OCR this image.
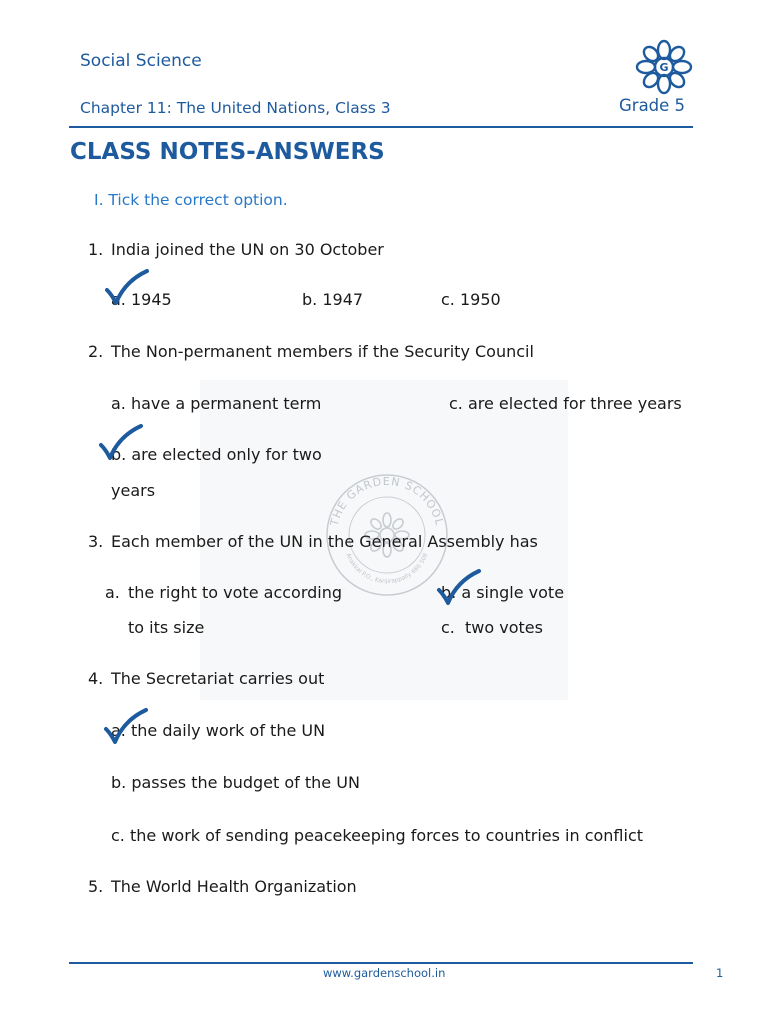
Social Science
Chapter 11: The United Nations, Class 3	Grade 5
G
CLASS NOTES-ANSWERS
I. Tick the correct option.
THE GARDEN SCHOOL
Anakkal P.O., Kanjirappally 686 508
1. India joined the UN on 30 October
a. 1945	b. 1947	c. 1950
2. The Non-permanent members if the Security Council
a. have a permanent term	c. are elected for three years
b. are elected only for two
years
3. Each member of the UN in the General Assembly has
a. the right to vote according
to its size
b. a single vote
c. two votes
4. The Secretariat carries out
a. the daily work of the UN
b. passes the budget of the UN
c. the work of sending peacekeeping forces to countries in conflict
5. The World Health Organization
www.gardenschool.in	1
